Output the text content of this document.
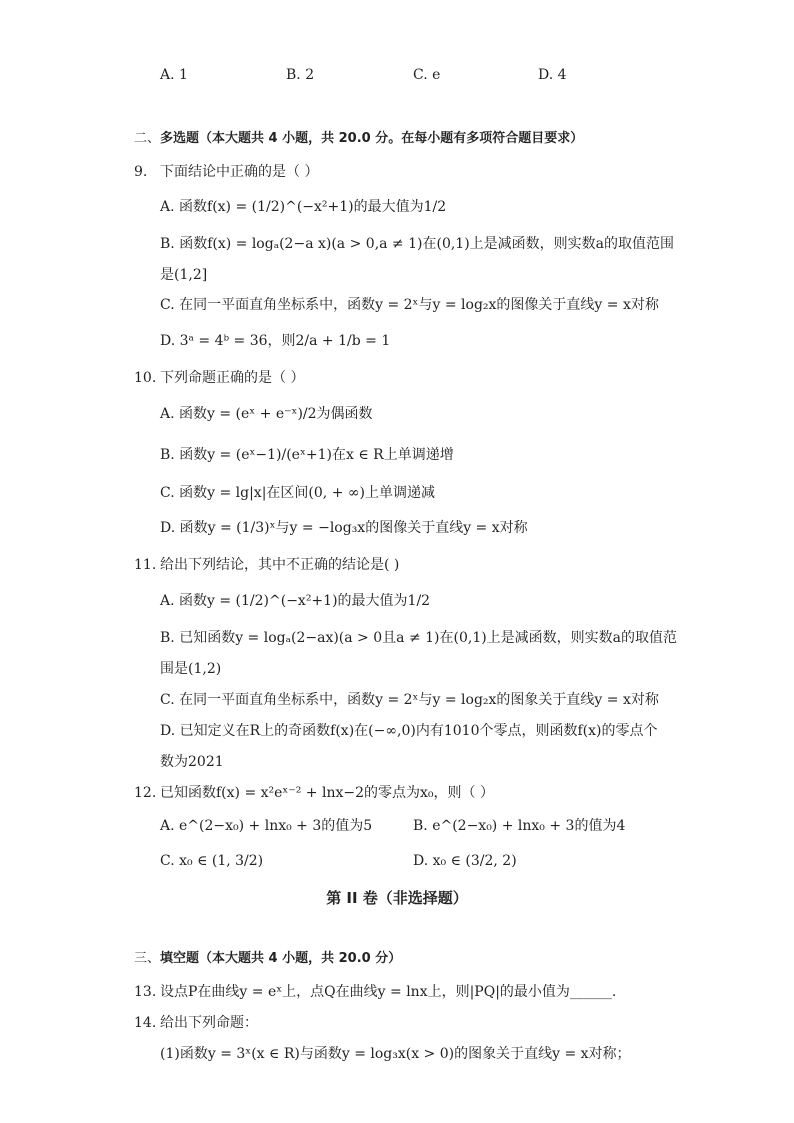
A. 1	B. 2	C. e	D. 4
二、多选题（本大题共 4 小题，共 20.0 分。在每小题有多项符合题目要求）
9. 下面结论中正确的是（ ）
A. 函数f(x) = (1/2)^(−x²+1)的最大值为1/2
B. 函数f(x) = logₐ(2−a x)(a > 0,a ≠ 1)在(0,1)上是减函数，则实数a的取值范围
是(1,2]
C. 在同一平面直角坐标系中，函数y = 2ˣ与y = log₂x的图像关于直线y = x对称
D. 3ᵃ = 4ᵇ = 36，则2/a + 1/b = 1
10. 下列命题正确的是（ ）
A. 函数y = (eˣ + e⁻ˣ)/2为偶函数
B. 函数y = (eˣ−1)/(eˣ+1)在x ∈ R上单调递增
C. 函数y = lg|x|在区间(0, + ∞)上单调递减
D. 函数y = (1/3)ˣ与y = −log₃x的图像关于直线y = x对称
11. 给出下列结论，其中不正确的结论是( )
A. 函数y = (1/2)^(−x²+1)的最大值为1/2
B. 已知函数y = logₐ(2−ax)(a > 0且a ≠ 1)在(0,1)上是减函数，则实数a的取值范
围是(1,2)
C. 在同一平面直角坐标系中，函数y = 2ˣ与y = log₂x的图象关于直线y = x对称
D. 已知定义在R上的奇函数f(x)在(−∞,0)内有1010个零点，则函数f(x)的零点个
数为2021
12. 已知函数f(x) = x²eˣ⁻² + lnx−2的零点为x₀，则（ ）
A. e^(2−x₀) + lnx₀ + 3的值为5	B. e^(2−x₀) + lnx₀ + 3的值为4
C. x₀ ∈ (1, 3/2)	D. x₀ ∈ (3/2, 2)
第 II 卷（非选择题）
三、填空题（本大题共 4 小题，共 20.0 分）
13. 设点P在曲线y = eˣ上，点Q在曲线y = lnx上，则|PQ|的最小值为______.
14. 给出下列命题：
(1)函数y = 3ˣ(x ∈ R)与函数y = log₃x(x > 0)的图象关于直线y = x对称；
